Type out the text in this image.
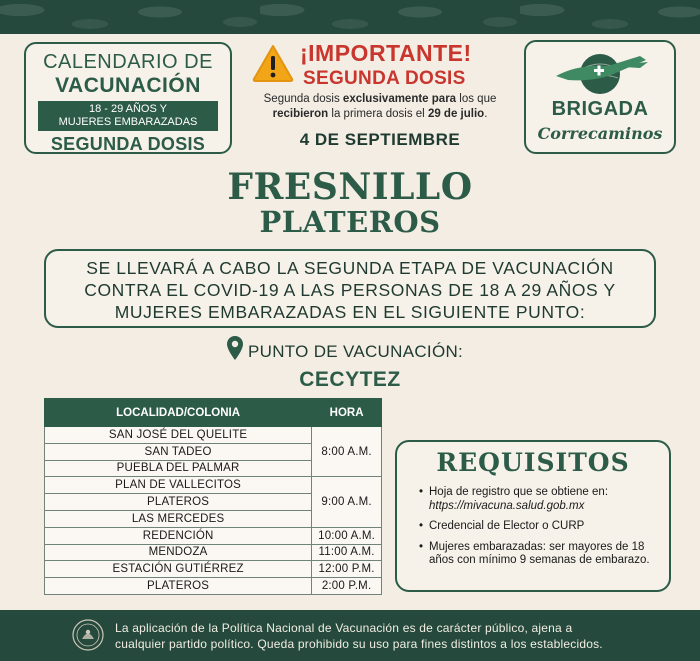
CALENDARIO DE
VACUNACIÓN
18 - 29 AÑOS Y
MUJERES EMBARAZADAS
SEGUNDA DOSIS
¡IMPORTANTE!
SEGUNDA DOSIS
Segunda dosis exclusivamente para los que recibieron la primera dosis el 29 de julio.
4 DE SEPTIEMBRE
BRIGADA
Correcaminos
FRESNILLO
PLATEROS
SE LLEVARÁ A CABO LA SEGUNDA ETAPA DE VACUNACIÓN
CONTRA EL COVID-19 A LAS PERSONAS DE 18 A 29 AÑOS Y
MUJERES EMBARAZADAS EN EL SIGUIENTE PUNTO:
PUNTO DE VACUNACIÓN:
CECYTEZ
LOCALIDAD/COLONIA	HORA
SAN JOSÉ DEL QUELITE	8:00 A.M.
SAN TADEO	
PUEBLA DEL PALMAR	
PLAN DE VALLECITOS	9:00 A.M.
PLATEROS	
LAS MERCEDES	
REDENCIÓN	10:00 A.M.
MENDOZA	11:00 A.M.
ESTACIÓN GUTIÉRREZ	12:00 P.M.
PLATEROS	2:00 P.M.
REQUISITOS
• Hoja de registro que se obtiene en: https://mivacuna.salud.gob.mx
• Credencial de Elector o CURP
• Mujeres embarazadas: ser mayores de 18 años con mínimo 9 semanas de embarazo.
La aplicación de la Política Nacional de Vacunación es de carácter público, ajena a
cualquier partido político. Queda prohibido su uso para fines distintos a los establecidos.
